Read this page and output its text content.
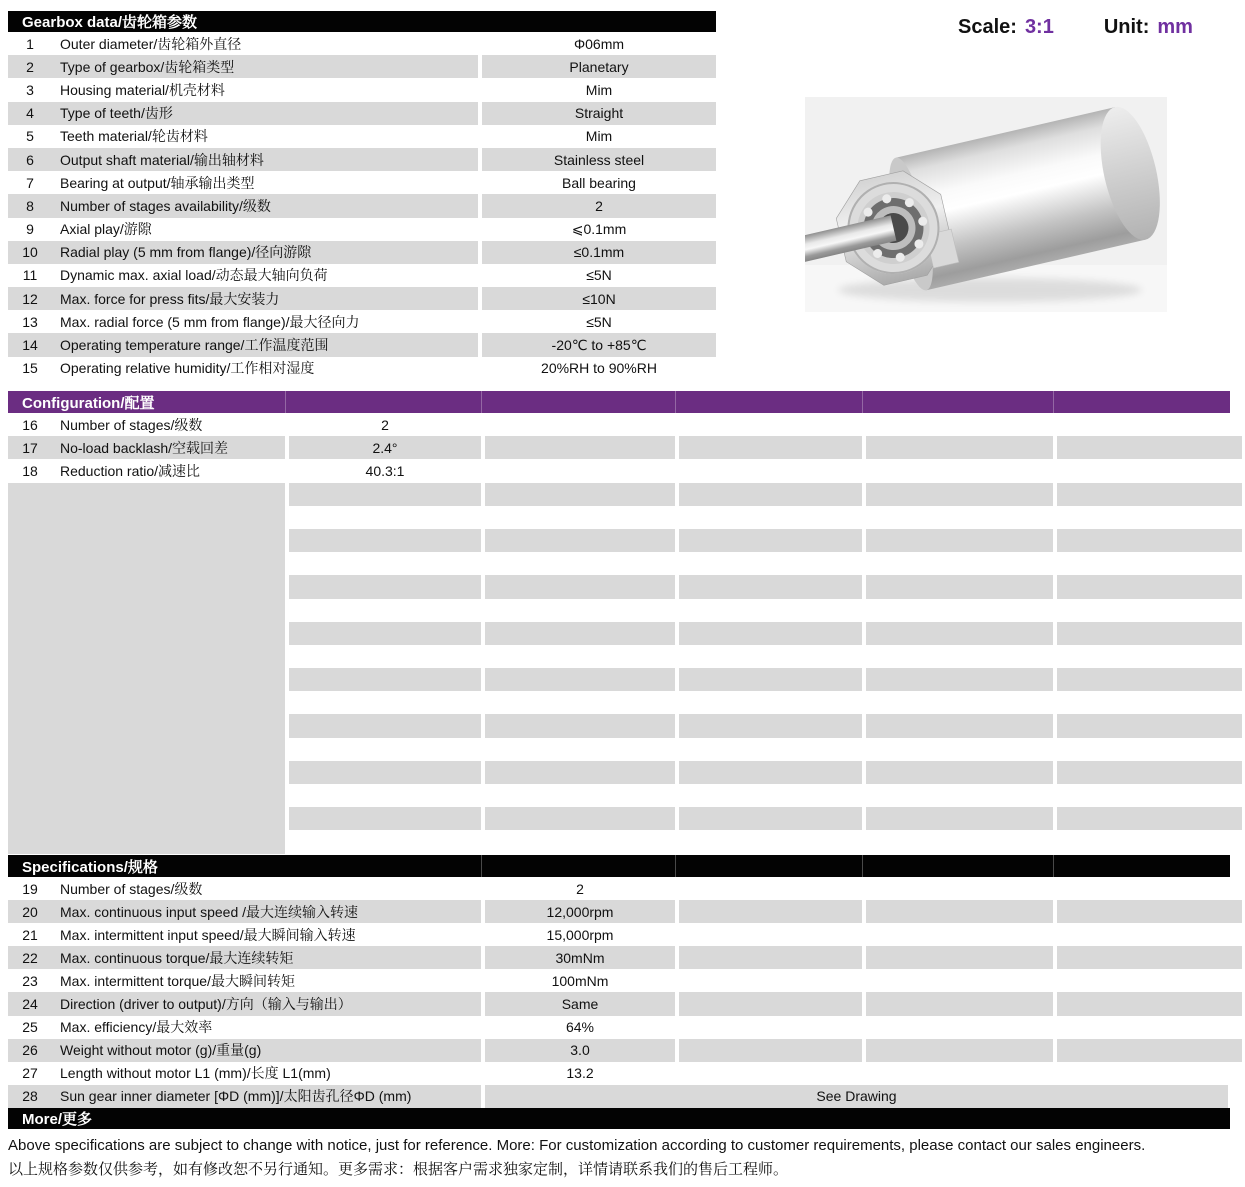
Scale: 3:1	Unit: mm
Gearbox data/齿轮箱参数
1	Outer diameter/齿轮箱外直径	Φ06mm
2	Type of gearbox/齿轮箱类型	Planetary
3	Housing material/机壳材料	Mim
4	Type of teeth/齿形	Straight
5	Teeth material/轮齿材料	Mim
6	Output shaft material/输出轴材料	Stainless steel
7	Bearing at output/轴承输出类型	Ball bearing
8	Number of stages availability/级数	2
9	Axial play/游隙	⩽0.1mm
10	Radial play (5 mm from flange)/径向游隙	≤0.1mm
11	Dynamic max. axial load/动态最大轴向负荷	≤5N
12	Max. force for press fits/最大安装力	≤10N
13	Max. radial force (5 mm from flange)/最大径向力	≤5N
14	Operating temperature range/工作温度范围	-20℃ to +85℃
15	Operating relative humidity/工作相对湿度	20%RH to 90%RH
Configuration/配置
16	Number of stages/级数	2
17	No-load backlash/空载回差	2.4°
18	Reduction ratio/减速比	40.3:1
Specifications/规格
19	Number of stages/级数	2
20	Max. continuous input speed /最大连续输入转速	12,000rpm
21	Max. intermittent input speed/最大瞬间输入转速	15,000rpm
22	Max. continuous torque/最大连续转矩	30mNm
23	Max. intermittent torque/最大瞬间转矩	100mNm
24	Direction (driver to output)/方向（输入与输出）	Same
25	Max. efficiency/最大效率	64%
26	Weight without motor (g)/重量(g)	3.0
27	Length without motor L1 (mm)/长度 L1(mm)	13.2
28	Sun gear inner diameter [ΦD (mm)]/太阳齿孔径ΦD (mm)	See Drawing
More/更多

Above specifications are subject to change with notice, just for reference. More: For customization according to customer requirements, please contact our sales engineers.

以上规格参数仅供参考，如有修改恕不另行通知。更多需求：根据客户需求独家定制，详情请联系我们的售后工程师。
